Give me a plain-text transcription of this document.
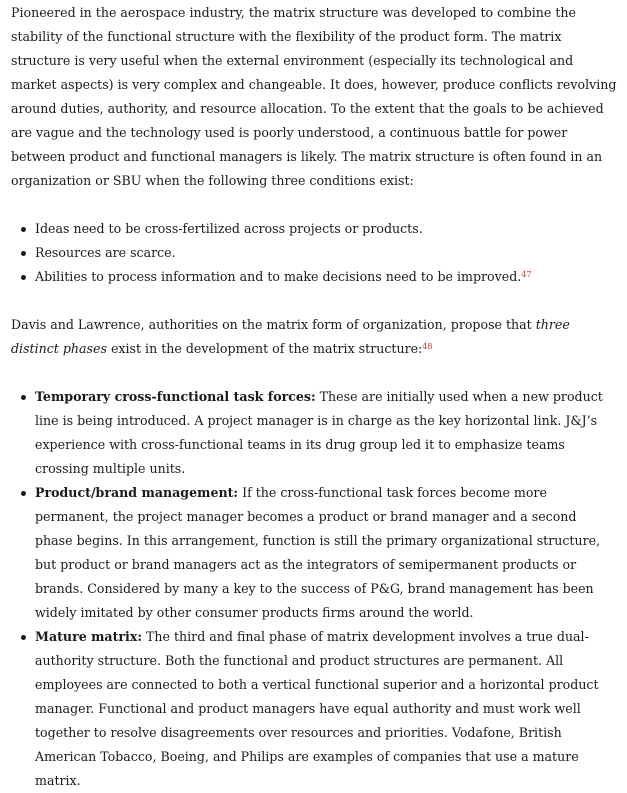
Pioneered in the aerospace industry, the matrix structure was developed to combine the stability of the functional structure with the flexibility of the product form. The matrix structure is very useful when the external environment (especially its technological and market aspects) is very complex and changeable. It does, however, produce conflicts revolving around duties, authority, and resource allocation. To the extent that the goals to be achieved are vague and the technology used is poorly understood, a continuous battle for power between product and functional managers is likely. The matrix structure is often found in an organization or SBU when the following three conditions exist:

Ideas need to be cross-fertilized across projects or products.
Resources are scarce.
Abilities to process information and to make decisions need to be improved.$^{47}$

Davis and Lawrence, authorities on the matrix form of organization, propose that three distinct phases exist in the development of the matrix structure:$^{48}$

Temporary cross-functional task forces: These are initially used when a new product line is being introduced. A project manager is in charge as the key horizontal link. J&J’s experience with cross-functional teams in its drug group led it to emphasize teams crossing multiple units.
Product/brand management: If the cross-functional task forces become more permanent, the project manager becomes a product or brand manager and a second phase begins. In this arrangement, function is still the primary organizational structure, but product or brand managers act as the integrators of semipermanent products or brands. Considered by many a key to the success of P&G, brand management has been widely imitated by other consumer products firms around the world.
Mature matrix: The third and final phase of matrix development involves a true dual-authority structure. Both the functional and product structures are permanent. All employees are connected to both a vertical functional superior and a horizontal product manager. Functional and product managers have equal authority and must work well together to resolve disagreements over resources and priorities. Vodafone, British American Tobacco, Boeing, and Philips are examples of companies that use a mature matrix.
